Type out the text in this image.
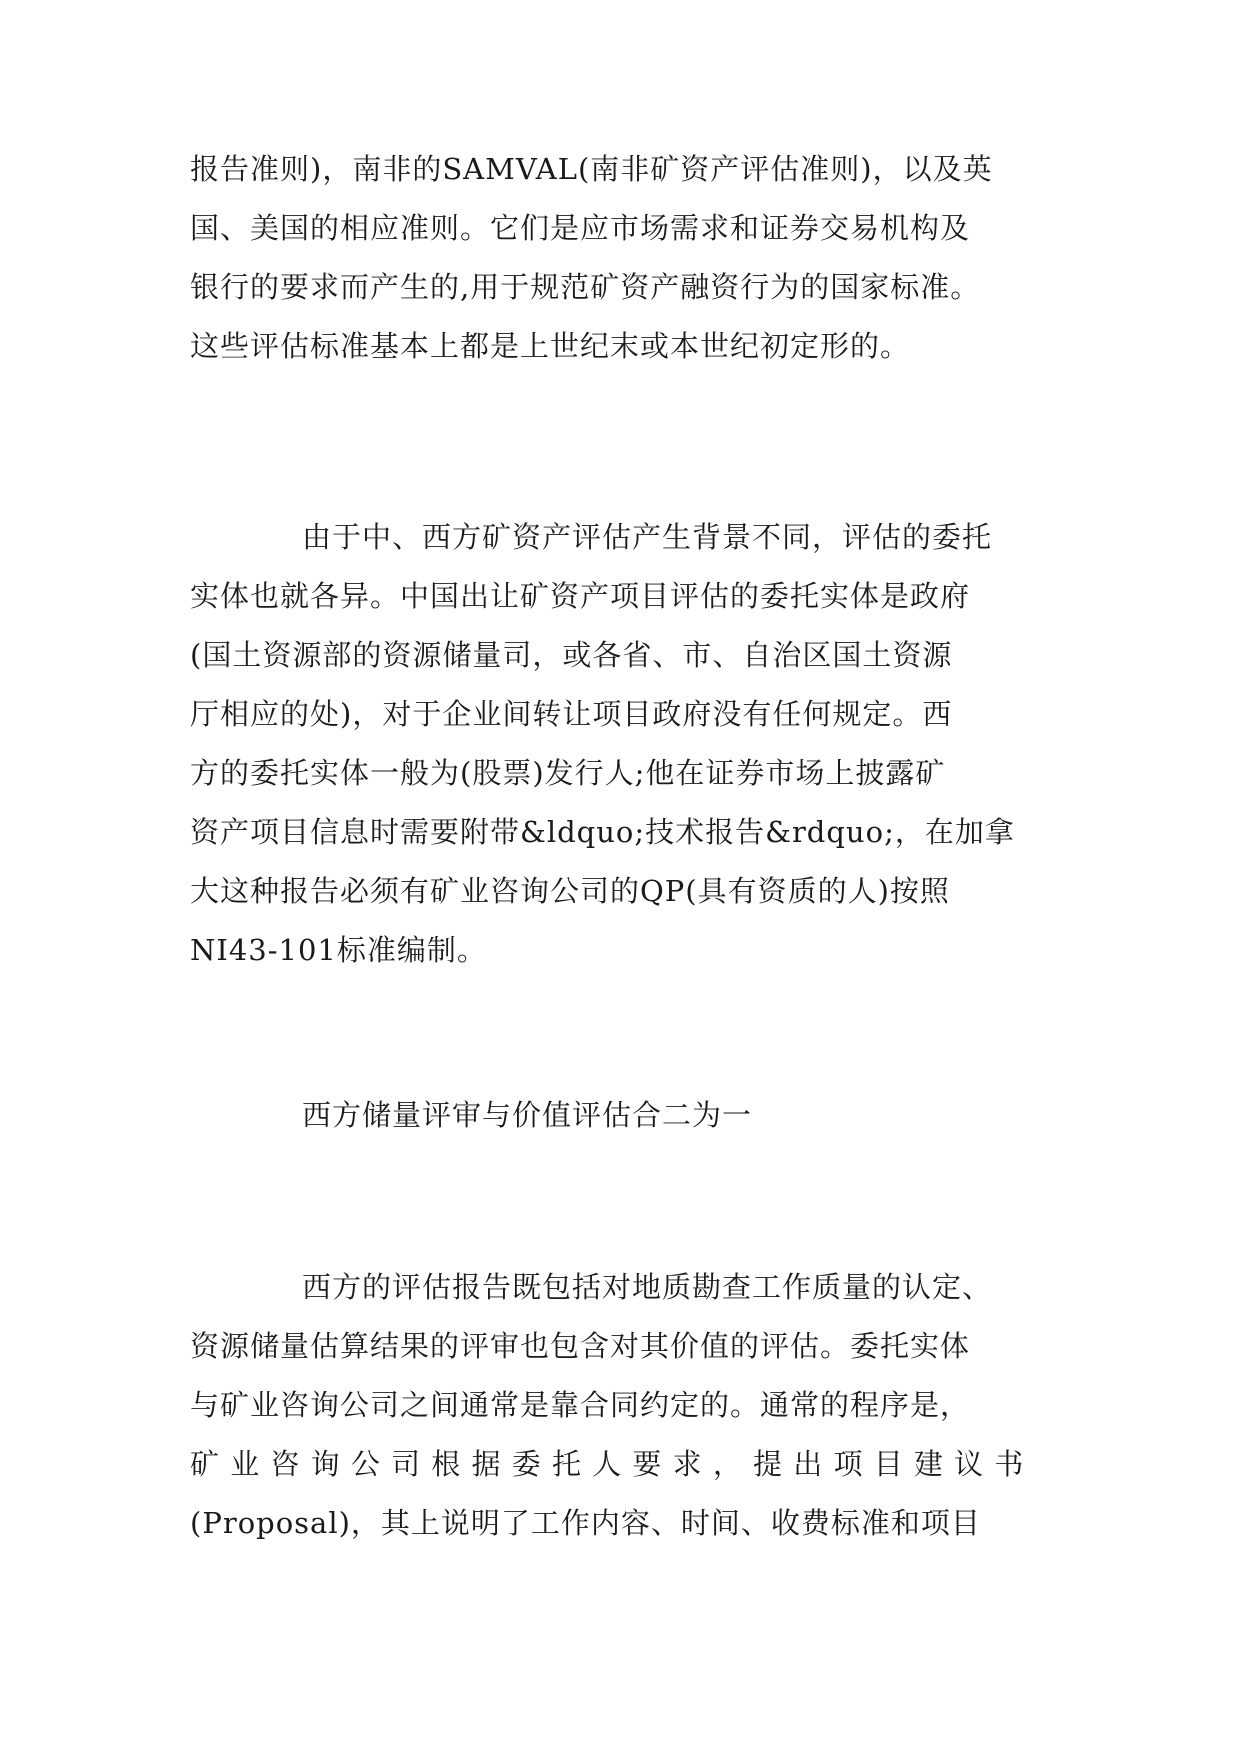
报告准则)，南非的SAMVAL(南非矿资产评估准则)，以及英
国、美国的相应准则。它们是应市场需求和证券交易机构及
银行的要求而产生的,用于规范矿资产融资行为的国家标准。
这些评估标准基本上都是上世纪末或本世纪初定形的。
由于中、西方矿资产评估产生背景不同，评估的委托
实体也就各异。中国出让矿资产项目评估的委托实体是政府
(国土资源部的资源储量司，或各省、市、自治区国土资源
厅相应的处)，对于企业间转让项目政府没有任何规定。西
方的委托实体一般为(股票)发行人;他在证券市场上披露矿
资产项目信息时需要附带&ldquo;技术报告&rdquo;，在加拿
大这种报告必须有矿业咨询公司的QP(具有资质的人)按照
NI43-101标准编制。
西方储量评审与价值评估合二为一
西方的评估报告既包括对地质勘查工作质量的认定、
资源储量估算结果的评审也包含对其价值的评估。委托实体
与矿业咨询公司之间通常是靠合同约定的。通常的程序是，
矿 业 咨 询 公 司 根 据 委 托 人 要 求 ， 提 出 项 目 建 议 书
(Proposal)，其上说明了工作内容、时间、收费标准和项目
